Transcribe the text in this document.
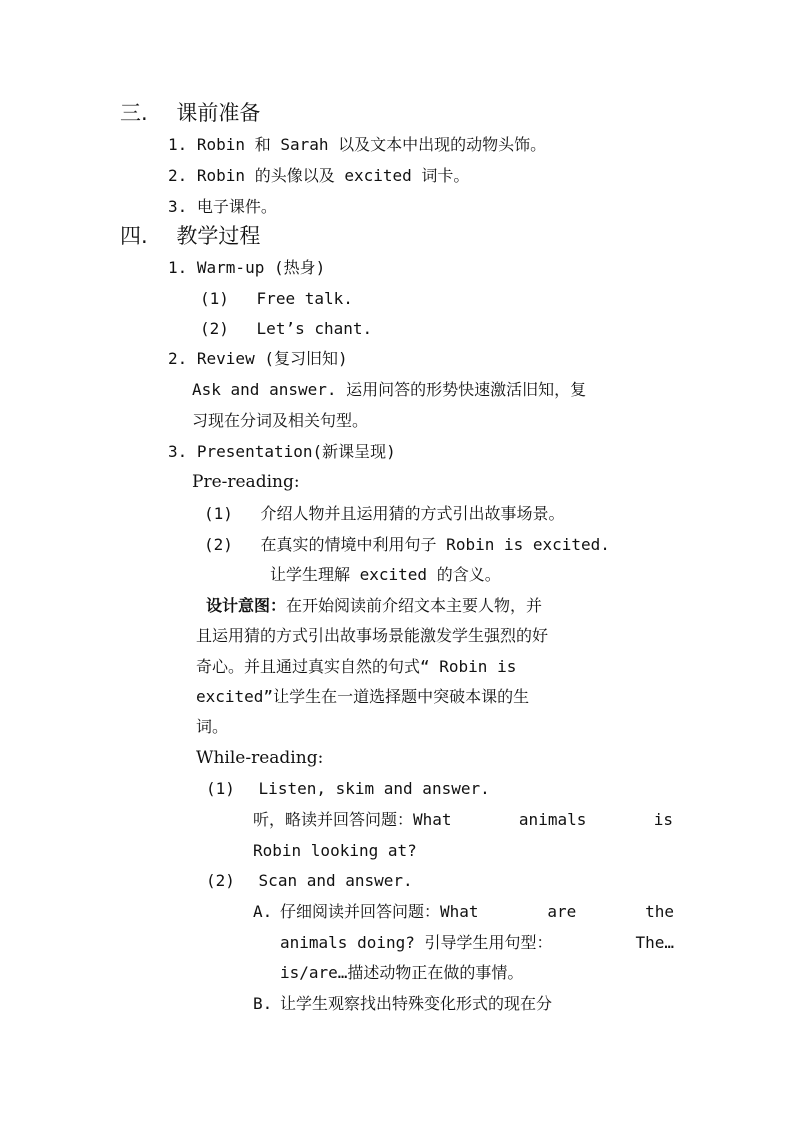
三. 课前准备
1. Robin 和 Sarah 以及文本中出现的动物头饰。
2. Robin 的头像以及 excited 词卡。
3. 电子课件。
四. 教学过程
1. Warm-up (热身)
(1) Free talk.
(2) Let’s chant.
2. Review (复习旧知)
Ask and answer. 运用问答的形势快速激活旧知，复
习现在分词及相关句型。
3. Presentation(新课呈现)
Pre-reading:
(1) 介绍人物并且运用猜的方式引出故事场景。
(2) 在真实的情境中利用句子 Robin is excited.
让学生理解 excited 的含义。
设计意图：在开始阅读前介绍文本主要人物，并
且运用猜的方式引出故事场景能激发学生强烈的好
奇心。并且通过真实自然的句式“ Robin is
excited”让学生在一道选择题中突破本课的生
词。
While-reading:
(1) Listen, skim and answer.
听，略读并回答问题：What	animals	is
Robin looking at?
(2) Scan and answer.
A. 仔细阅读并回答问题：What	are	the
animals doing? 引导学生用句型：	The…
is/are…描述动物正在做的事情。
B. 让学生观察找出特殊变化形式的现在分
